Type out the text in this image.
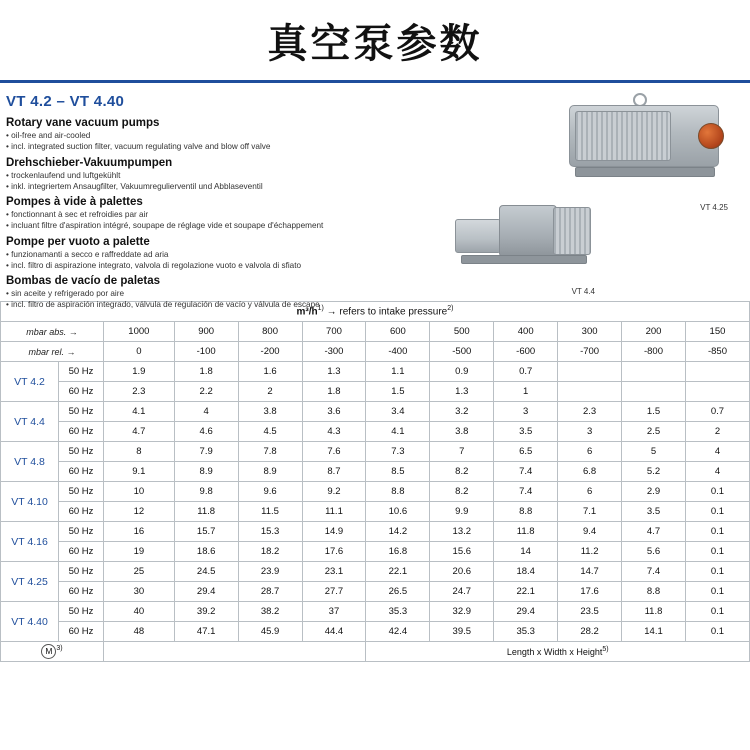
真空泵参数
VT 4.2 – VT 4.40
Rotary vane vacuum pumps
• oil-free and air-cooled
• incl. integrated suction filter, vacuum regulating valve and blow off valve
Drehschieber-Vakuumpumpen
• trockenlaufend und luftgekühlt
• inkl. integriertem Ansaugfilter, Vakuumregulierventil und Abblaseventil
Pompes à vide à palettes
• fonctionnant à sec et refroidies par air
• incluant filtre d'aspiration intégré, soupape de réglage vide et soupape d'échappement
Pompe per vuoto a palette
• funzionamanti a secco e raffreddate ad aria
• incl. filtro di aspirazione integrato, valvola di regolazione vuoto e valvola di sfiato
Bombas de vacío de paletas
• sin aceite y refrigerado por aire
• incl. filtro de aspiración integrado, válvula de regulación de vacío y válvula de escape
VT 4.25
VT 4.4
$m^3/h^{1)}$ → refers to intake pressure$^{2)}$
mbar abs. →		1000	900	800	700	600	500	400	300	200	150
mbar rel. →		0	-100	-200	-300	-400	-500	-600	-700	-800	-850
VT 4.2	50 Hz	1.9	1.8	1.6	1.3	1.1	0.9	0.7			
	60 Hz	2.3	2.2	2	1.8	1.5	1.3	1			
VT 4.4	50 Hz	4.1	4	3.8	3.6	3.4	3.2	3	2.3	1.5	0.7
	60 Hz	4.7	4.6	4.5	4.3	4.1	3.8	3.5	3	2.5	2
VT 4.8	50 Hz	8	7.9	7.8	7.6	7.3	7	6.5	6	5	4
	60 Hz	9.1	8.9	8.9	8.7	8.5	8.2	7.4	6.8	5.2	4
VT 4.10	50 Hz	10	9.8	9.6	9.2	8.8	8.2	7.4	6	2.9	0.1
	60 Hz	12	11.8	11.5	11.1	10.6	9.9	8.8	7.1	3.5	0.1
VT 4.16	50 Hz	16	15.7	15.3	14.9	14.2	13.2	11.8	9.4	4.7	0.1
	60 Hz	19	18.6	18.2	17.6	16.8	15.6	14	11.2	5.6	0.1
VT 4.25	50 Hz	25	24.5	23.9	23.1	22.1	20.6	18.4	14.7	7.4	0.1
	60 Hz	30	29.4	28.7	27.7	26.5	24.7	22.1	17.6	8.8	0.1
VT 4.40	50 Hz	40	39.2	38.2	37	35.3	32.9	29.4	23.5	11.8	0.1
	60 Hz	48	47.1	45.9	44.4	42.4	39.5	35.3	28.2	14.1	0.1
M $^{3)}$						Length x Width x Height$^{5)}$
